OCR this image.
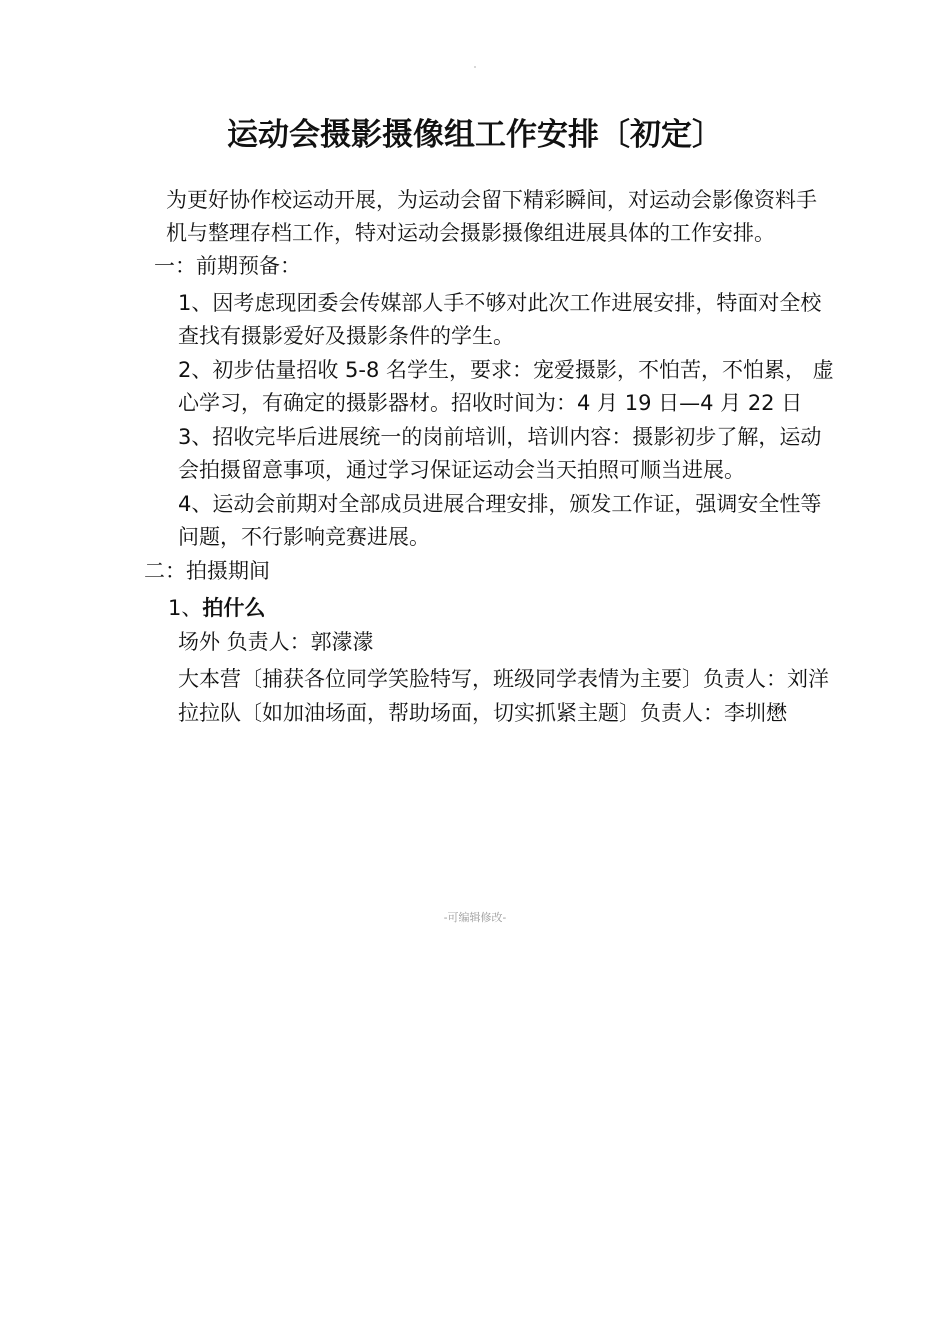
运动会摄影摄像组工作安排〔初定〕

为更好协作校运动开展，为运动会留下精彩瞬间，对运动会影像资料手机与整理存档工作，特对运动会摄影摄像组进展具体的工作安排。

一：前期预备：

1、因考虑现团委会传媒部人手不够对此次工作进展安排，特面对全校查找有摄影爱好及摄影条件的学生。

2、初步估量招收 5-8 名学生，要求：宠爱摄影，不怕苦，不怕累， 虚心学习，有确定的摄影器材。招收时间为：4 月 19 日—4 月 22 日

3、招收完毕后进展统一的岗前培训，培训内容：摄影初步了解，运动会拍摄留意事项，通过学习保证运动会当天拍照可顺当进展。

4、运动会前期对全部成员进展合理安排，颁发工作证，强调安全性等问题，不行影响竞赛进展。

二：拍摄期间

1、拍什么

场外 负责人：郭濛濛

大本营〔捕获各位同学笑脸特写，班级同学表情为主要〕负责人：刘洋

拉拉队〔如加油场面，帮助场面，切实抓紧主题〕负责人：李圳懋

-可编辑修改-
